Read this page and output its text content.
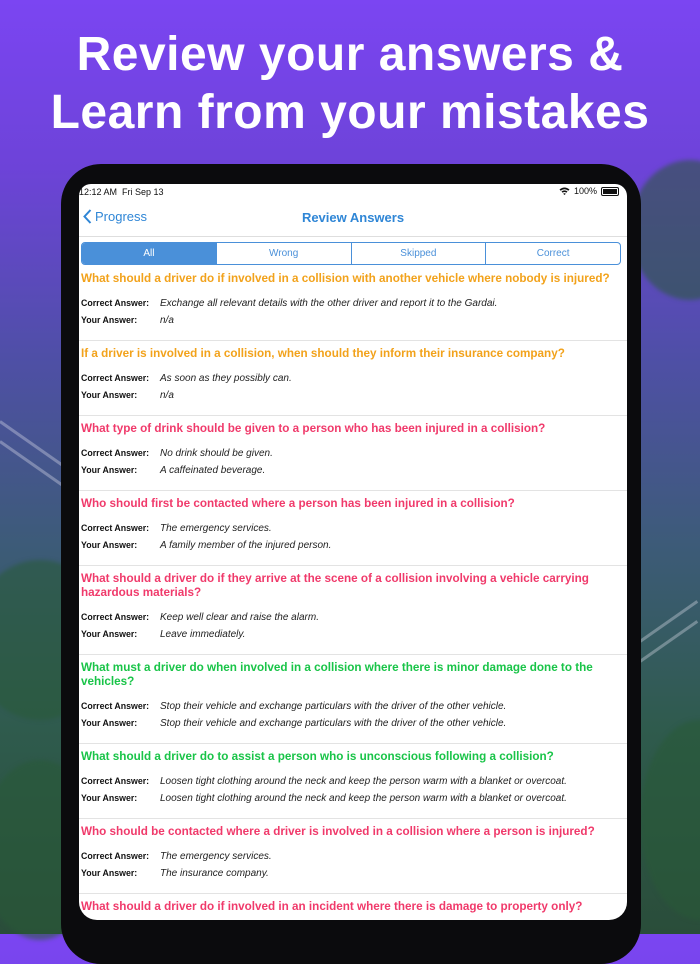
Review your answers &
Learn from your mistakes
12:12 AM Fri Sep 13	100%
Progress	Review Answers
All	Wrong	Skipped	Correct
What should a driver do if involved in a collision with another vehicle where nobody is injured?
Correct Answer:	Exchange all relevant details with the other driver and report it to the Gardai.
Your Answer:	n/a
If a driver is involved in a collision, when should they inform their insurance company?
Correct Answer:	As soon as they possibly can.
Your Answer:	n/a
What type of drink should be given to a person who has been injured in a collision?
Correct Answer:	No drink should be given.
Your Answer:	A caffeinated beverage.
Who should first be contacted where a person has been injured in a collision?
Correct Answer:	The emergency services.
Your Answer:	A family member of the injured person.
What should a driver do if they arrive at the scene of a collision involving a vehicle carrying hazardous materials?
Correct Answer:	Keep well clear and raise the alarm.
Your Answer:	Leave immediately.
What must a driver do when involved in a collision where there is minor damage done to the vehicles?
Correct Answer:	Stop their vehicle and exchange particulars with the driver of the other vehicle.
Your Answer:	Stop their vehicle and exchange particulars with the driver of the other vehicle.
What should a driver do to assist a person who is unconscious following a collision?
Correct Answer:	Loosen tight clothing around the neck and keep the person warm with a blanket or overcoat.
Your Answer:	Loosen tight clothing around the neck and keep the person warm with a blanket or overcoat.
Who should be contacted where a driver is involved in a collision where a person is injured?
Correct Answer:	The emergency services.
Your Answer:	The insurance company.
What should a driver do if involved in an incident where there is damage to property only?
